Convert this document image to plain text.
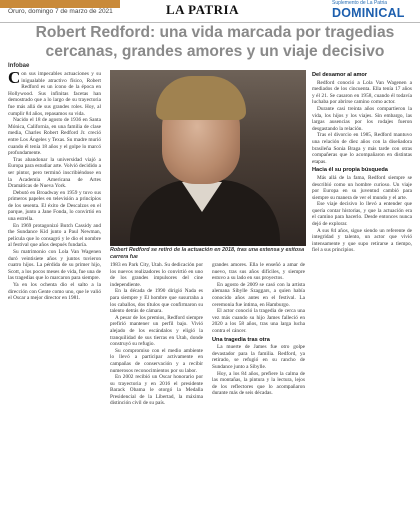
Oruro, domingo 7 de marzo de 2021	LA PATRIA	Suplemento de La Patria
DOMINICAL
Robert Redford: una vida marcada por tragedias cercanas, grandes amores y un viaje decisivo
Infobae

Con sus impecables actuaciones y su inigualable atractivo físico, Robert Redford es un ícono de la época en Hollywood. Sus infinitas facetas han demostrado que a lo largo de su trayectoria fue más allá de sus grandes roles. Hoy, al cumplir 84 años, repasamos su vida.

Nacido el 18 de agosto de 1936 en Santa Mónica, California, en una familia de clase media, Charles Robert Redford Jr. creció entre Los Ángeles y Texas. Su madre murió cuando él tenía 18 años y el golpe lo marcó profundamente.

Tras abandonar la universidad viajó a Europa para estudiar arte. Volvió decidido a ser pintor, pero terminó inscribiéndose en la Academia Americana de Artes Dramáticas de Nueva York.

Debutó en Broadway en 1959 y tuvo sus primeros papeles en televisión a principios de los sesenta. El éxito de Descalzos en el parque, junto a Jane Fonda, lo convirtió en una estrella.

En 1969 protagonizó Butch Cassidy and the Sundance Kid junto a Paul Newman, película que lo consagró y le dio el nombre al festival que años después fundaría.

Su matrimonio con Lola Van Wagenen duró veintisiete años y juntos tuvieron cuatro hijos. La pérdida de su primer hijo, Scott, a los pocos meses de vida, fue una de las tragedias que lo marcaron para siempre.

Ya en los ochenta dio el salto a la dirección con Gente como uno, que le valió el Oscar a mejor director en 1981.

Robert Redford se retiró de la actuación en 2018, tras una extensa y exitosa carrera fue

1983 en Park City, Utah. Su dedicación por los nuevos realizadores lo convirtió en uno de los grandes impulsores del cine independiente.

En la década de 1990 dirigió Nada es para siempre y El hombre que susurraba a los caballos, dos títulos que confirmaron su talento detrás de cámara.

A pesar de los premios, Redford siempre prefirió mantener un perfil bajo. Vivió alejado de los escándalos y eligió la tranquilidad de sus tierras en Utah, donde construyó su refugio.

Su compromiso con el medio ambiente lo llevó a participar activamente en campañas de conservación y a recibir numerosos reconocimientos por su labor.

En 2002 recibió un Oscar honorario por su trayectoria y en 2016 el presidente Barack Obama le otorgó la Medalla Presidencial de la Libertad, la máxima distinción civil de su país.

grandes amores. Ella le enseñó a amar de nuevo, tras sus años difíciles, y siempre estuvo a su lado en sus proyectos.

En agosto de 2009 se casó con la artista alemana Sibylle Szaggars, a quien había conocido años antes en el festival. La ceremonia fue íntima, en Hamburgo.

El actor conoció la tragedia de cerca una vez más cuando su hijo James falleció en 2020 a los 58 años, tras una larga lucha contra el cáncer.

Una tragedia tras otra

La muerte de James fue otro golpe devastador para la familia. Redford, ya retirado, se refugió en su rancho de Sundance junto a Sibylle.

Hoy, a los 84 años, prefiere la calma de las montañas, la pintura y la lectura, lejos de los reflectores que lo acompañaron durante más de seis décadas.

Del desamor al amor

Redford conoció a Lola Van Wagenen a mediados de los cincuenta. Ella tenía 17 años y él 21. Se casaron en 1958, cuando él todavía luchaba por abrirse camino como actor.

Durante casi treinta años compartieron la vida, los hijos y los viajes. Sin embargo, las largas ausencias por los rodajes fueron desgastando la relación.

Tras el divorcio en 1985, Redford mantuvo una relación de diez años con la diseñadora brasileña Sonia Braga y más tarde con otras compañeras que lo acompañaron en distintas etapas.

Hacia él su propia búsqueda

Más allá de la fama, Redford siempre se describió como un hombre curioso. Un viaje por Europa en su juventud cambió para siempre su manera de ver el mundo y el arte.

Ese viaje decisivo lo llevó a entender que quería contar historias, y que la actuación era el camino para hacerlo. Desde entonces nunca dejó de explorar.

A sus 84 años, sigue siendo un referente de integridad y talento, un actor que vivió intensamente y que supo retirarse a tiempo, fiel a sus principios.
